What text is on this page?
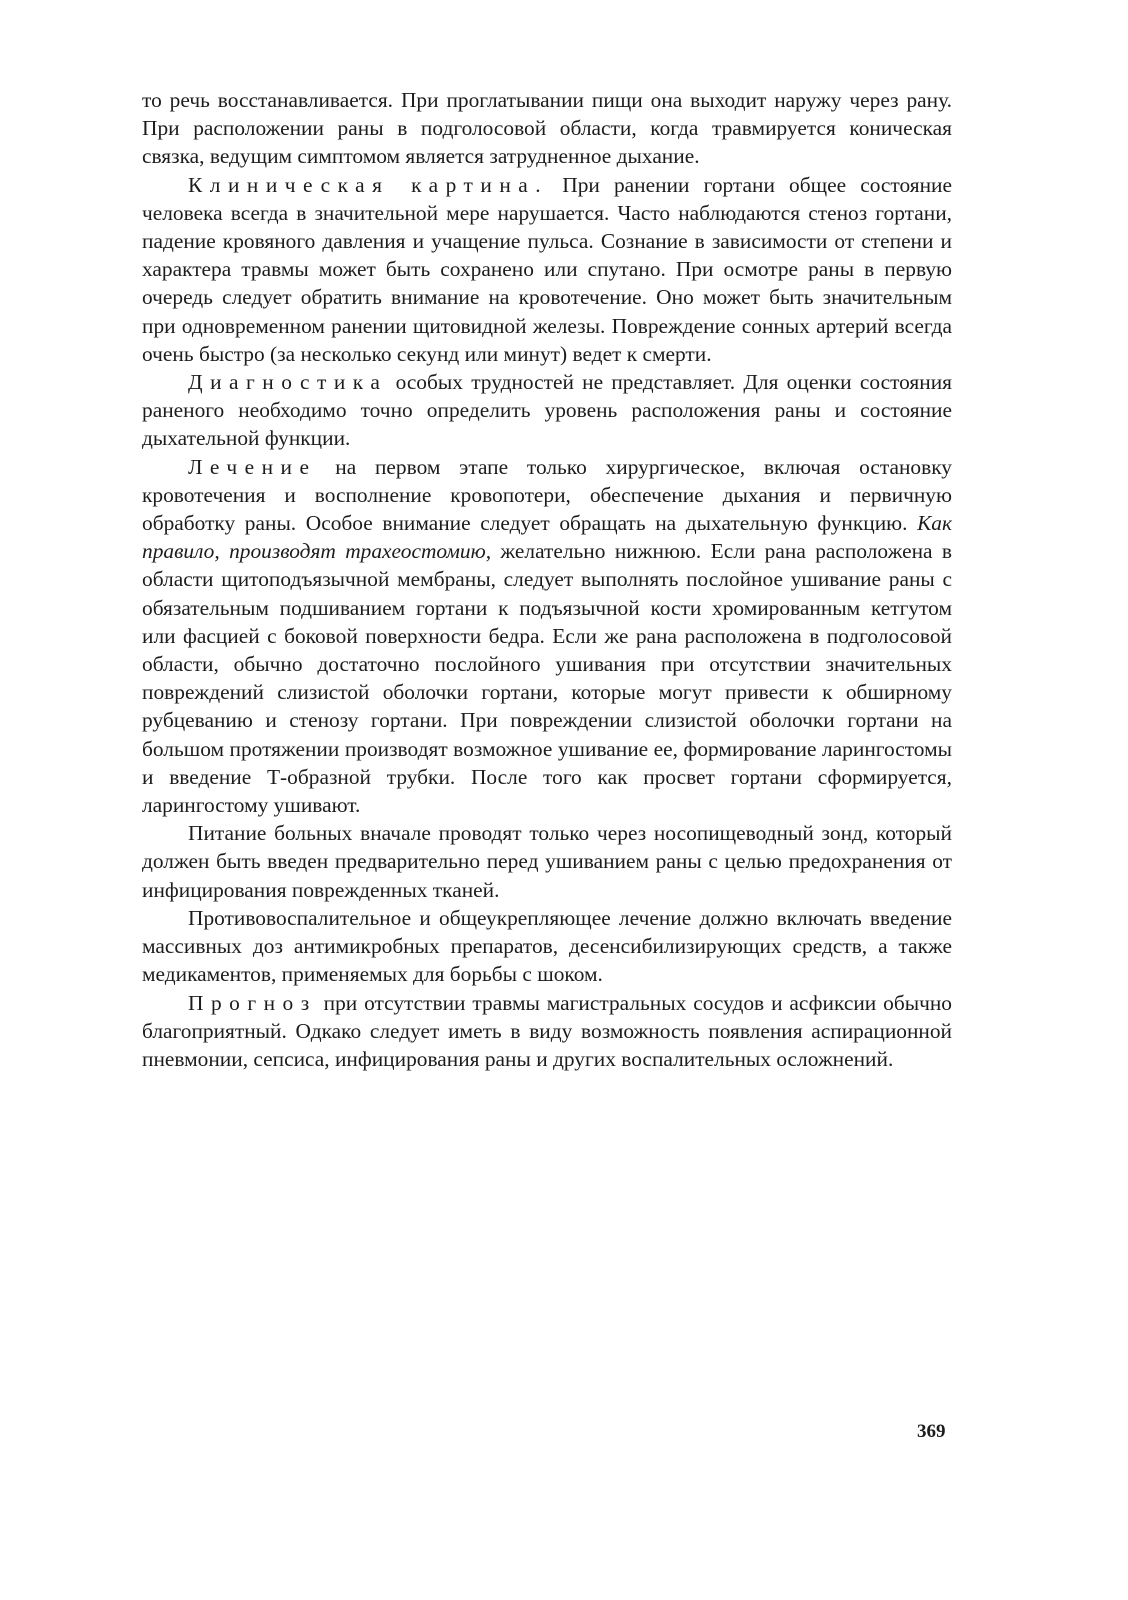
то речь восстанавливается. При проглатывании пищи она выходит наружу через рану. При расположении раны в подголосовой области, когда травмируется коническая связка, ведущим симптомом является затрудненное дыхание.

Клиническая картина. При ранении гортани общее состояние человека всегда в значительной мере нарушается. Часто наблюдаются стеноз гортани, падение кровяного давления и учащение пульса. Сознание в зависимости от степени и характера травмы может быть сохранено или спутано. При осмотре раны в первую очередь следует обратить внимание на кровотечение. Оно может быть значительным при одновременном ранении щитовидной железы. Повреждение сонных артерий всегда очень быстро (за несколько секунд или минут) ведет к смерти.

Диагностика особых трудностей не представляет. Для оценки состояния раненого необходимо точно определить уровень расположения раны и состояние дыхательной функции.

Лечение на первом этапе только хирургическое, включая остановку кровотечения и восполнение кровопотери, обеспечение дыхания и первичную обработку раны. Особое внимание следует обращать на дыхательную функцию. Как правило, производят трахеостомию, желательно нижнюю. Если рана расположена в области щитоподъязычной мембраны, следует выполнять послойное ушивание раны с обязательным подшиванием гортани к подъязычной кости хромированным кетгутом или фасцией с боковой поверхности бедра. Если же рана расположена в подголосовой области, обычно достаточно послойного ушивания при отсутствии значительных повреждений слизистой оболочки гортани, которые могут привести к обширному рубцеванию и стенозу гортани. При повреждении слизистой оболочки гортани на большом протяжении производят возможное ушивание ее, формирование ларингостомы и введение Т-образной трубки. После того как просвет гортани сформируется, ларингостому ушивают.

Питание больных вначале проводят только через носопищеводный зонд, который должен быть введен предварительно перед ушиванием раны с целью предохранения от инфицирования поврежденных тканей.

Противовоспалительное и общеукрепляющее лечение должно включать введение массивных доз антимикробных препаратов, десенсибилизирующих средств, а также медикаментов, применяемых для борьбы с шоком.

Прогноз при отсутствии травмы магистральных сосудов и асфиксии обычно благоприятный. Одкако следует иметь в виду возможность появления аспирационной пневмонии, сепсиса, инфицирования раны и других воспалительных осложнений.

369
